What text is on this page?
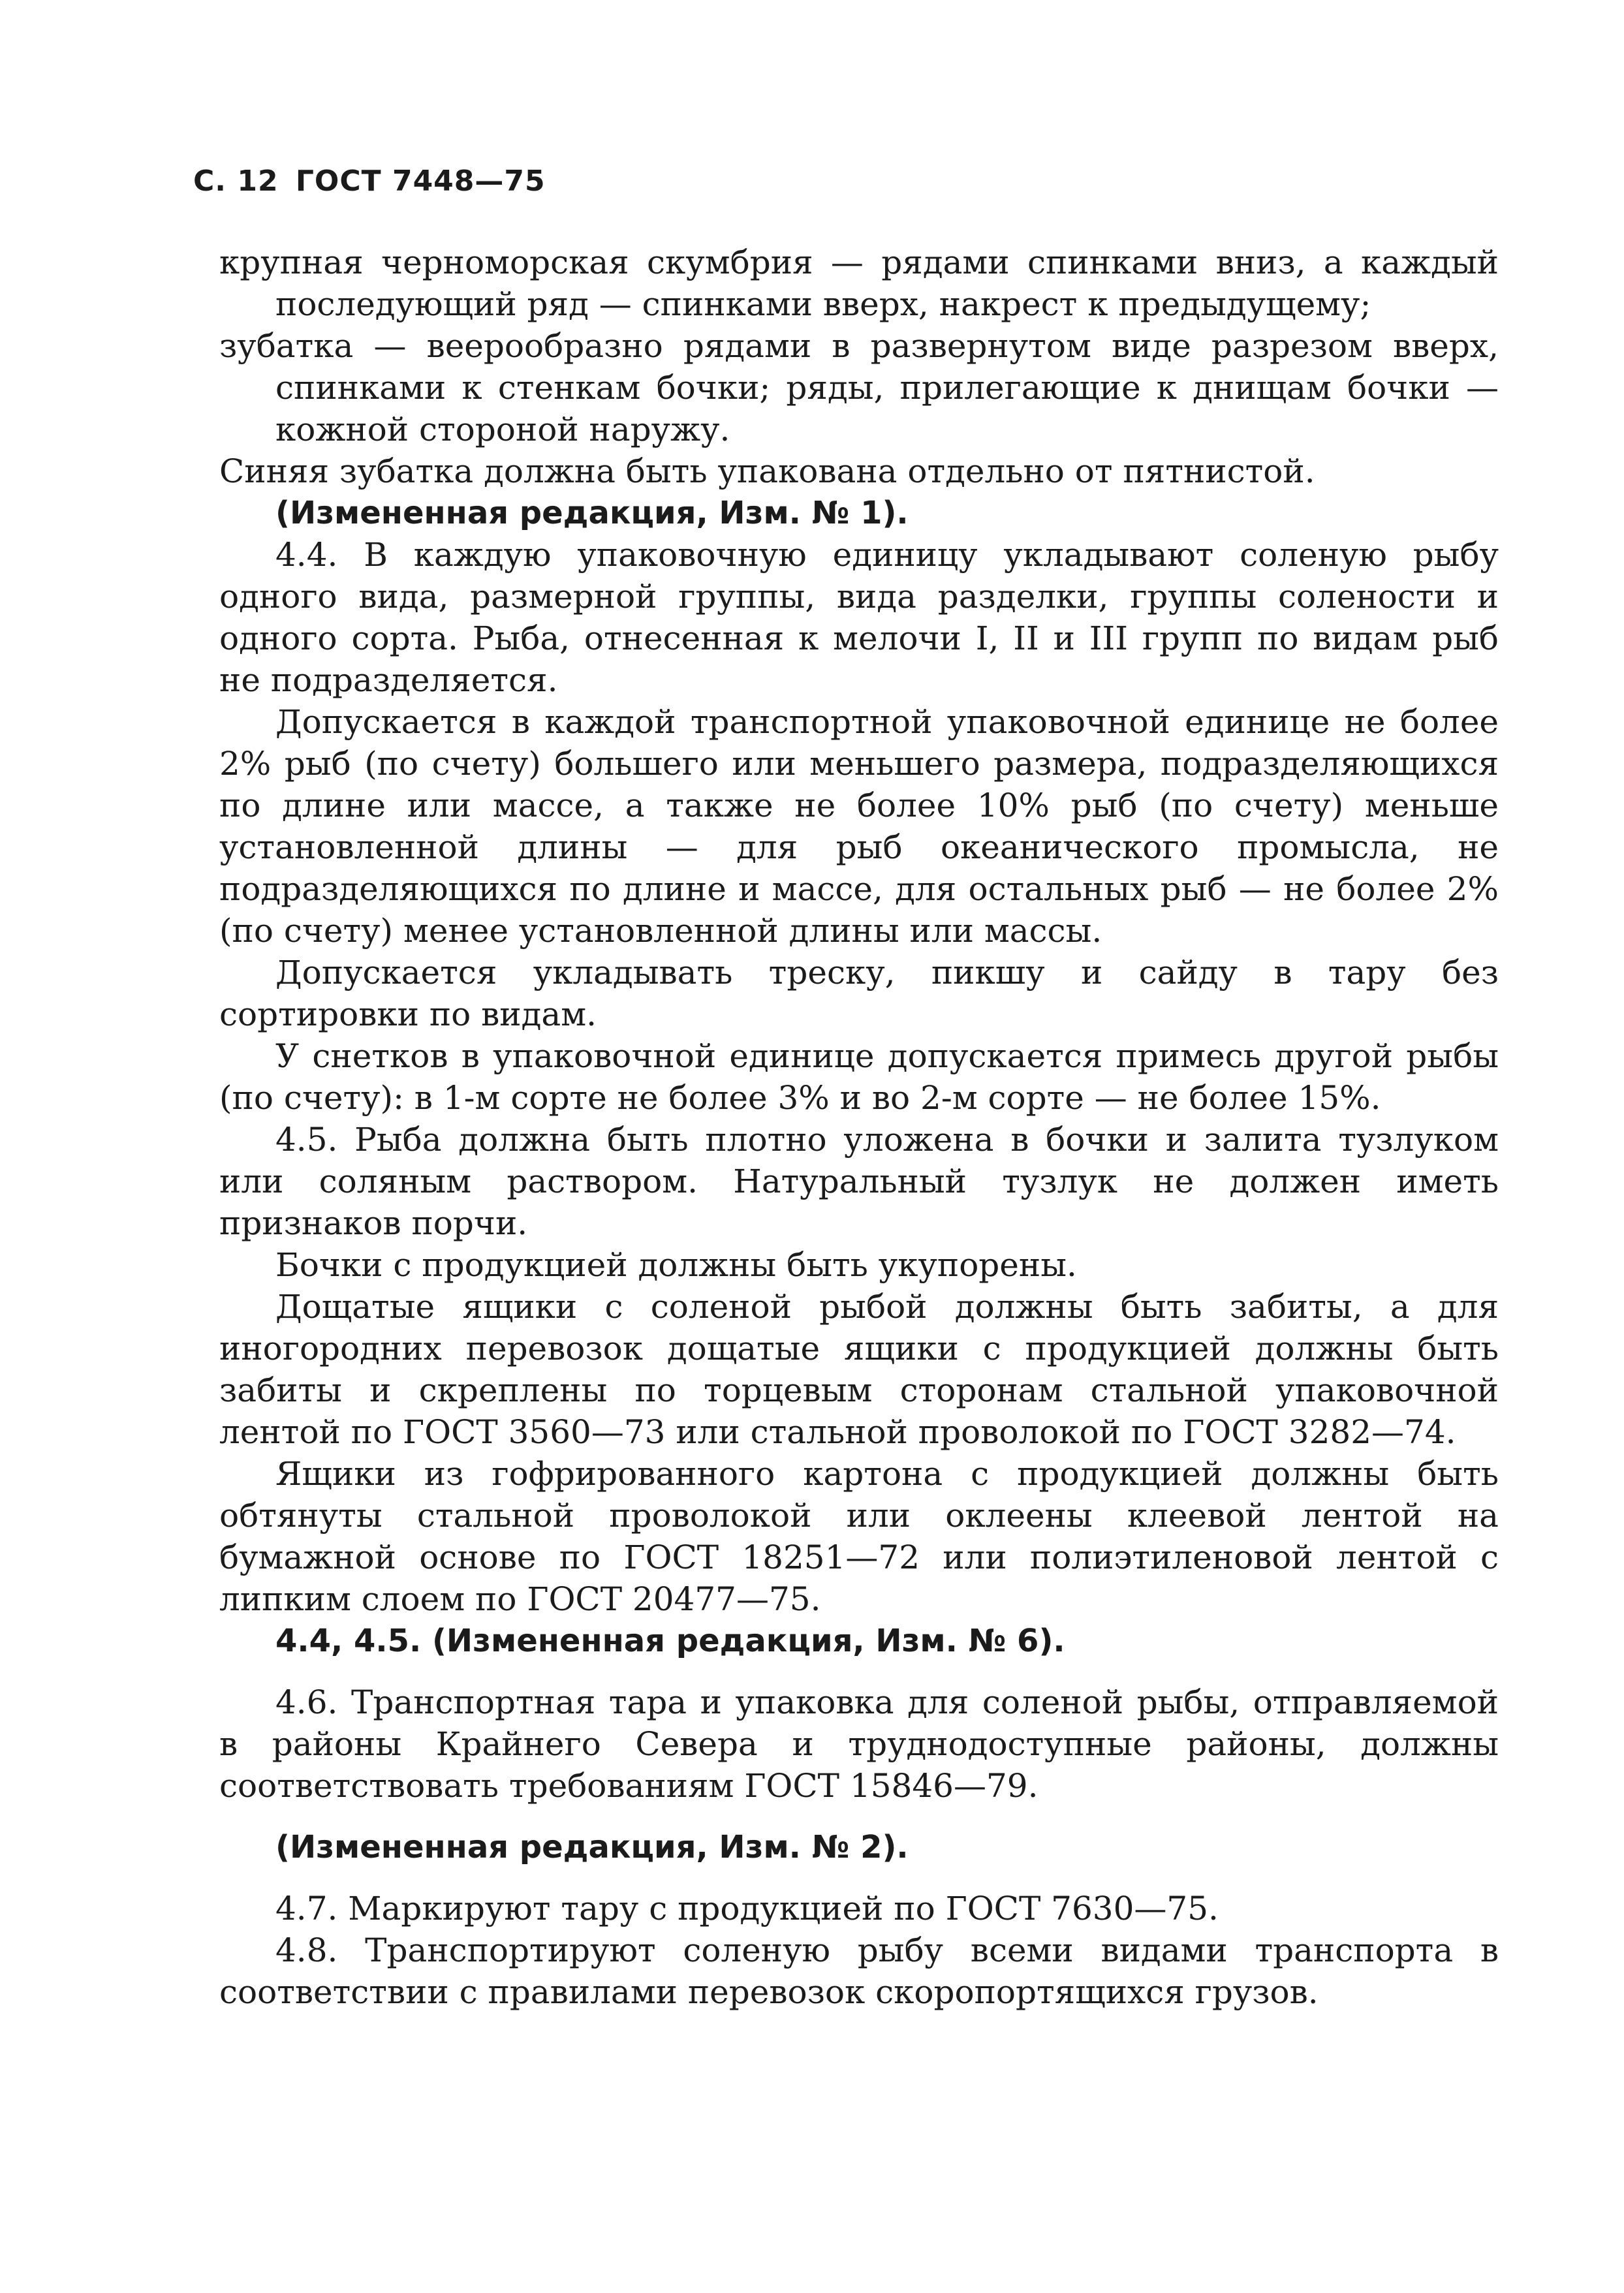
С. 12 ГОСТ 7448—75

крупная черноморская скумбрия — рядами спинками вниз, а каждый последующий ряд — спинками вверх, накрест к предыдущему;

зубатка — веерообразно рядами в развернутом виде разрезом вверх, спинками к стенкам бочки; ряды, прилегающие к днищам бочки — кожной стороной наружу.

Синяя зубатка должна быть упакована отдельно от пятнистой.

(Измененная редакция, Изм. № 1).

4.4. В каждую упаковочную единицу укладывают соленую рыбу одного вида, размерной группы, вида разделки, группы солености и одного сорта. Рыба, отнесенная к мелочи I, II и III групп по видам рыб не подразделяется.

Допускается в каждой транспортной упаковочной единице не более 2% рыб (по счету) большего или меньшего размера, подразделяющихся по длине или массе, а также не более 10% рыб (по счету) меньше установленной длины — для рыб океанического промысла, не подразделяющихся по длине и массе, для остальных рыб — не более 2% (по счету) менее установленной длины или массы.

Допускается укладывать треску, пикшу и сайду в тару без сортировки по видам.

У снетков в упаковочной единице допускается примесь другой рыбы (по счету): в 1-м сорте не более 3% и во 2-м сорте — не более 15%.

4.5. Рыба должна быть плотно уложена в бочки и залита тузлуком или соляным раствором. Натуральный тузлук не должен иметь признаков порчи.

Бочки с продукцией должны быть укупорены.

Дощатые ящики с соленой рыбой должны быть забиты, а для иногородних перевозок дощатые ящики с продукцией должны быть забиты и скреплены по торцевым сторонам стальной упаковочной лентой по ГОСТ 3560—73 или стальной проволокой по ГОСТ 3282—74.

Ящики из гофрированного картона с продукцией должны быть обтянуты стальной проволокой или оклеены клеевой лентой на бумажной основе по ГОСТ 18251—72 или полиэтиленовой лентой с липким слоем по ГОСТ 20477—75.

4.4, 4.5. (Измененная редакция, Изм. № 6).

4.6. Транспортная тара и упаковка для соленой рыбы, отправляемой в районы Крайнего Севера и труднодоступные районы, должны соответствовать требованиям ГОСТ 15846—79.

(Измененная редакция, Изм. № 2).

4.7. Маркируют тару с продукцией по ГОСТ 7630—75.

4.8. Транспортируют соленую рыбу всеми видами транспорта в соответствии с правилами перевозок скоропортящихся грузов.
